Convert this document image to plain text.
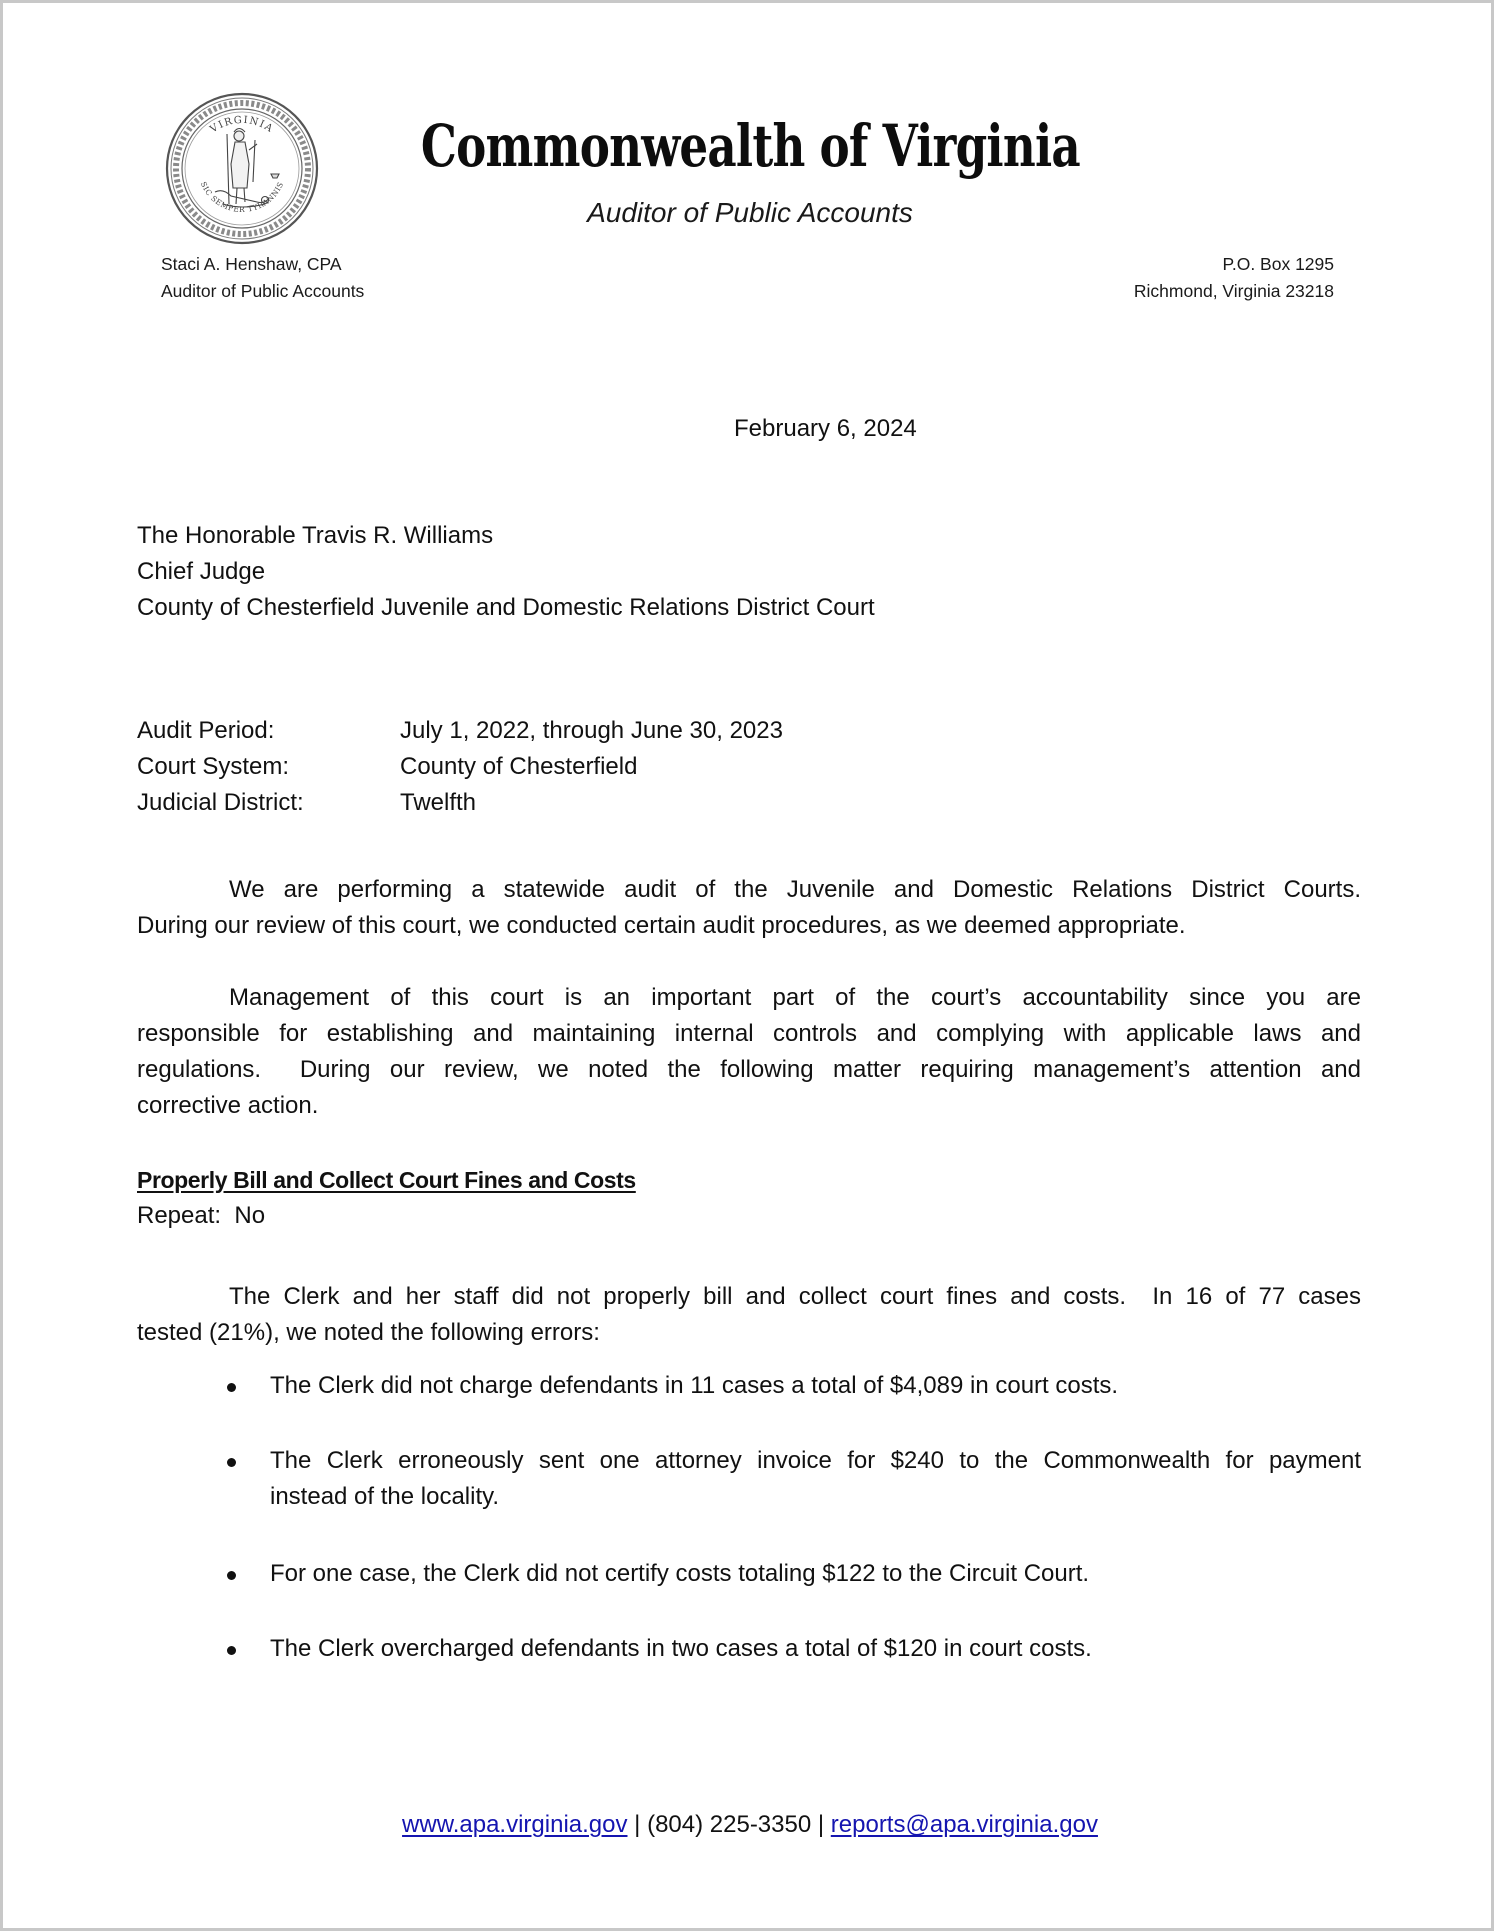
VIRGINIA
SIC SEMPER TYRANNIS
Commonwealth of Virginia
Auditor of Public Accounts
Staci A. Henshaw, CPA
Auditor of Public Accounts
P.O. Box 1295
Richmond, Virginia 23218
February 6, 2024
The Honorable Travis R. Williams
Chief Judge
County of Chesterfield Juvenile and Domestic Relations District Court
Audit Period:	July 1, 2022, through June 30, 2023
Court System:	County of Chesterfield
Judicial District:	Twelfth
We are performing a statewide audit of the Juvenile and Domestic Relations District Courts.
During our review of this court, we conducted certain audit procedures, as we deemed appropriate.
Management of this court is an important part of the court’s accountability since you are
responsible for establishing and maintaining internal controls and complying with applicable laws and
regulations.  During our review, we noted the following matter requiring management’s attention and
corrective action.
Properly Bill and Collect Court Fines and Costs
Repeat:  No
The Clerk and her staff did not properly bill and collect court fines and costs.  In 16 of 77 cases
tested (21%), we noted the following errors:
The Clerk did not charge defendants in 11 cases a total of $4,089 in court costs.
The Clerk erroneously sent one attorney invoice for $240 to the Commonwealth for payment
instead of the locality.
For one case, the Clerk did not certify costs totaling $122 to the Circuit Court.
The Clerk overcharged defendants in two cases a total of $120 in court costs.
www.apa.virginia.gov | (804) 225-3350 | reports@apa.virginia.gov
